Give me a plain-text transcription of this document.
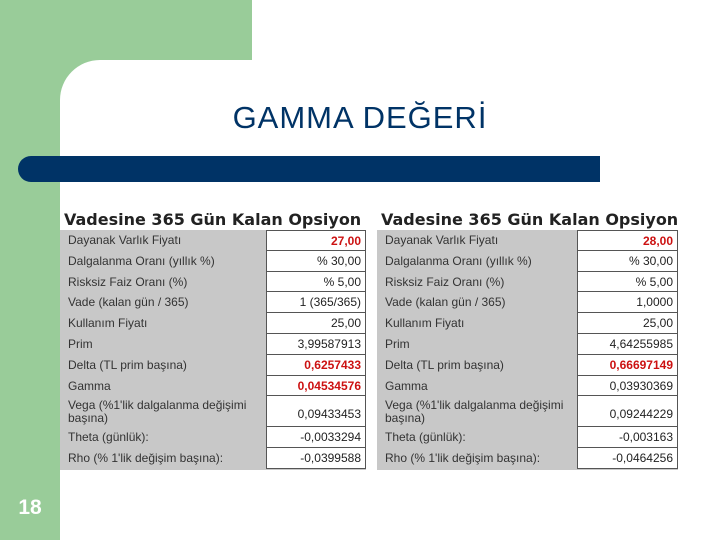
GAMMA DEĞERİ
Vadesine 365 Gün Kalan Opsiyon
Dayanak Varlık Fiyatı	27,00
Dalgalanma Oranı (yıllık %)	% 30,00
Risksiz Faiz Oranı (%)	% 5,00
Vade (kalan gün / 365)	1 (365/365)
Kullanım Fiyatı	25,00
Prim	3,99587913
Delta (TL prim başına)	0,6257433
Gamma	0,04534576
Vega (%1'lik dalgalanma değişimi başına)	0,09433453
Theta (günlük):	-0,0033294
Rho (% 1'lik değişim başına):	-0,0399588
Vadesine 365 Gün Kalan Opsiyon
Dayanak Varlık Fiyatı	28,00
Dalgalanma Oranı (yıllık %)	% 30,00
Risksiz Faiz Oranı (%)	% 5,00
Vade (kalan gün / 365)	1,0000
Kullanım Fiyatı	25,00
Prim	4,64255985
Delta (TL prim başına)	0,66697149
Gamma	0,03930369
Vega (%1'lik dalgalanma değişimi başına)	0,09244229
Theta (günlük):	-0,003163
Rho (% 1'lik değişim başına):	-0,0464256
18
